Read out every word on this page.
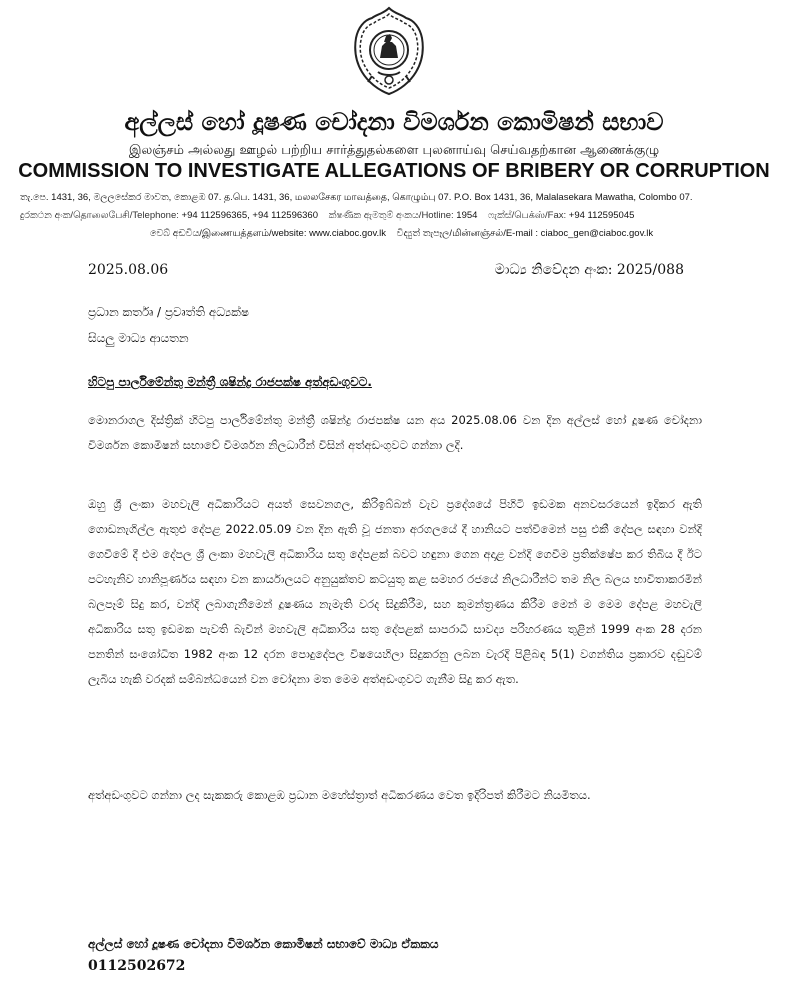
අල්ලස් හෝ දූෂණ චෝදනා විමර්ශන කොමිෂන් සභාව
இலஞ்சம் அல்லது ஊழல் பற்றிய சார்த்துதல்களை புலனாய்வு செய்வதற்கான ஆணைக்குழு
COMMISSION TO INVESTIGATE ALLEGATIONS OF BRIBERY OR CORRUPTION
තැ.පෙ. 1431, 36, මලලසේකර මාවත, කොළඹ 07. த.பெ. 1431, 36, மலலசேகர மாவத்தை, கொழும்பு 07. P.O. Box 1431, 36, Malalasekara Mawatha, Colombo 07.
දුරකථන අංක/தொலைபேசி/Telephone: +94 112596365, +94 112596360 ක්ෂණික ඇමතුම් අංකය/Hotline: 1954 ෆැක්ස්/பெக்ஸ்/Fax: +94 112595045
වෙබ් අඩවිය/இணையத்தளம்/website: www.ciaboc.gov.lk විද්‍යුත් තැපෑල/மின்னஞ்சல்/E-mail : ciaboc_gen@ciaboc.gov.lk
2025.08.06	මාධ්‍ය නිවේදන අංක: 2025/088
ප්‍රධාන කර්තෘ / ප්‍රවෘත්ති අධ්‍යක්ෂ
සියලු මාධ්‍ය ආයතන
හිටපු පාර්ලිමේන්තු මන්ත්‍රී ශෂින්ද්‍ර රාජපක්ෂ අත්අඩංගුවට.
මොනරාගල දිස්ත්‍රික් හිටපු පාර්ලිමේන්තු මන්ත්‍රී ශෂින්ද්‍ර රාජපක්ෂ යන අය 2025.08.06 වන දින අල්ලස් හෝ දූෂණ චෝදනා විමර්ශන කොමිෂන් සභාවේ විමර්ශන නිලධාරීන් විසින් අත්අඩංගුවට ගන්නා ලදි.
ඔහු ශ්‍රී ලංකා මහවැලි අධිකාරියට අයත් සෙවනගල, කිරිඉබ්බන් වැව ප්‍රදේශයේ පිහිටි ඉඩමක අනවසරයෙන් ඉදිකර ඇති ගොඩනැගිල්ල ඇතුළු දේපළ 2022.05.09 වන දින ඇති වූ ජනතා අරගලයේ දී හානියට පත්වීමෙන් පසු එකී දේපල සඳහා වන්දි ගෙවීමේ දී එම දේපල ශ්‍රී ලංකා මහවැලි අධිකාරිය සතු දේපළක් බවට හඳුනා ගෙන අදාළ වන්දි ගෙවීම ප්‍රතික්ෂේප කර තිබිය දී ඊට පටහැනිව හානිපූර්ණය සඳහා වන කාර්යාලයට අනුයුක්තව කටයුතු කළ සමහර රජයේ නිලධාරීන්ට තම නිල බලය භාවිතාකරමින් බලපෑම් සිදු කර, වන්දි ලබාගැනීමෙන් දූෂණය නැමැති වරද සිදුකිරීම, සහ කුමන්ත්‍රණය කිරීම මෙන් ම මෙම දේපළ මහවැලි අධිකාරිය සතු ඉඩමක පැවති බැවින් මහවැලි අධිකාරිය සතු දේපළක් සාපරාධී සාවද්‍ය පරිහරණය තුළින් 1999 අංක 28 දරන පනතින් සංශෝධිත 1982 අංක 12 දරන පොදුදේපල විෂයෙහිලා සිදුකරනු ලබන වැරදි පිළිබඳ 5(1) වගන්තිය ප්‍රකාරව දඬුවම් ලැබිය හැකි වරදක් සම්බන්ධයෙන් වන චෝදනා මත මෙම අත්අඩංගුවට ගැනීම සිදු කර ඇත.
අත්අඩංගුවට ගන්නා ලද සැකකරු කොළඹ ප්‍රධාන මහේස්ත්‍රාත් අධිකරණය වෙත ඉදිරිපත් කිරීමට නියමිතය.
අල්ලස් හෝ දූෂණ චෝදනා විමර්ශන කොමිෂන් සභාවේ මාධ්‍ය ඒකකය
0112502672
